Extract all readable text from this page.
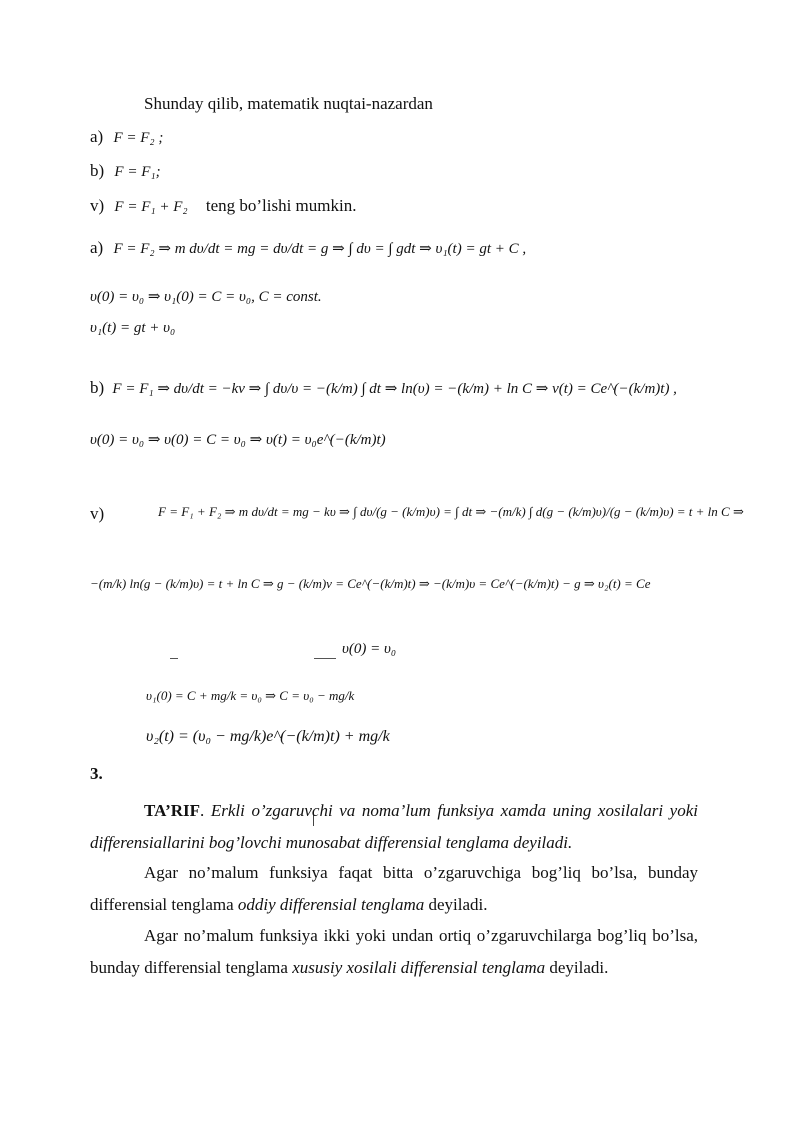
Shunday qilib, matematik nuqtai-nazardan
a) F = F₂ ;
b) F = F₁;
v) F = F₁ + F₂ teng bo’lishi mumkin.
a) F = F₂ ⇒ m dυ/dt = mg = dυ/dt = g ⇒ ∫ dυ = ∫ gdt ⇒ υ₁(t) = gt + C ,
υ(0) = υ₀ ⇒ υ₁(0) = C = υ₀, C = const.
υ₁(t) = gt + υ₀
b) F = F₁ ⇒ dυ/dt = −kv ⇒ ∫ dυ/υ = −(k/m) ∫ dt ⇒ ln(υ) = −(k/m) + ln C ⇒ v(t) = Ce^(−(k/m)t) ,
υ(0) = υ₀ ⇒ υ(0) = C = υ₀ ⇒ υ(t) = υ₀e^(−(k/m)t)
v)	F = F₁ + F₂ ⇒ m dυ/dt = mg − kυ ⇒ ∫ dυ/(g − (k/m)υ) = ∫ dt ⇒ −(m/k) ∫ d(g − (k/m)υ)/(g − (k/m)υ) = t + ln C ⇒
−(m/k) ln(g − (k/m)υ) = t + ln C ⇒ g − (k/m)v = Ce^(−(k/m)t) ⇒ −(k/m)υ = Ce^(−(k/m)t) − g ⇒ υ₂(t) = Ce
υ(0) = υ₀
υ₁(0) = C + mg/k = υ₀ ⇒ C = υ₀ − mg/k
υ₂(t) = (υ₀ − mg/k)e^(−(k/m)t) + mg/k
3.
TA’RIF. Erkli o’zgaruvchi va noma’lum funksiya xamda uning xosilalari yoki differensiallarini bog’lovchi munosabat differensial tenglama deyiladi.
Agar no’malum funksiya faqat bitta o’zgaruvchiga bog’liq bo’lsa, bunday differensial tenglama oddiy differensial tenglama deyiladi.
Agar no’malum funksiya ikki yoki undan ortiq o’zgaruvchilarga bog’liq bo’lsa, bunday differensial tenglama xususiy xosilali differensial tenglama deyiladi.
